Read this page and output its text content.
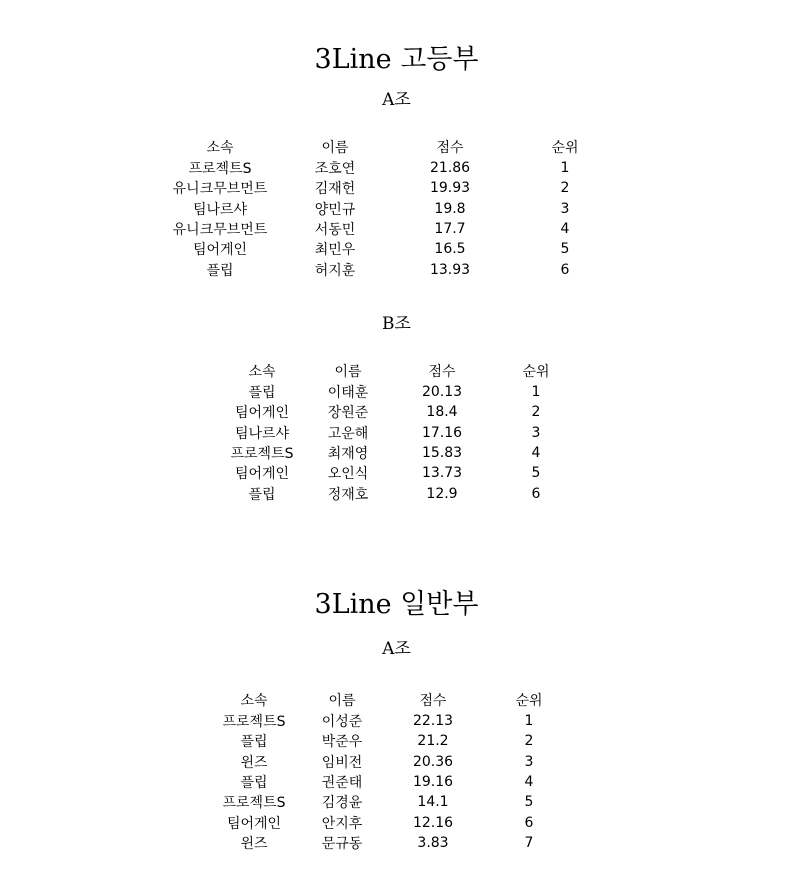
3Line 고등부
A조
소속	이름	점수	순위
프로젝트S	조호연	21.86	1
유니크무브먼트	김재헌	19.93	2
팀나르샤	양민규	19.8	3
유니크무브먼트	서동민	17.7	4
팀어게인	최민우	16.5	5
플립	허지훈	13.93	6
B조
소속	이름	점수	순위
플립	이태훈	20.13	1
팀어게인	장원준	18.4	2
팀나르샤	고운해	17.16	3
프로젝트S	최재영	15.83	4
팀어게인	오인식	13.73	5
플립	정재호	12.9	6
3Line 일반부
A조
소속	이름	점수	순위
프로젝트S	이성준	22.13	1
플립	박준우	21.2	2
윈즈	임비전	20.36	3
플립	권준태	19.16	4
프로젝트S	김경윤	14.1	5
팀어게인	안지후	12.16	6
윈즈	문규동	3.83	7
